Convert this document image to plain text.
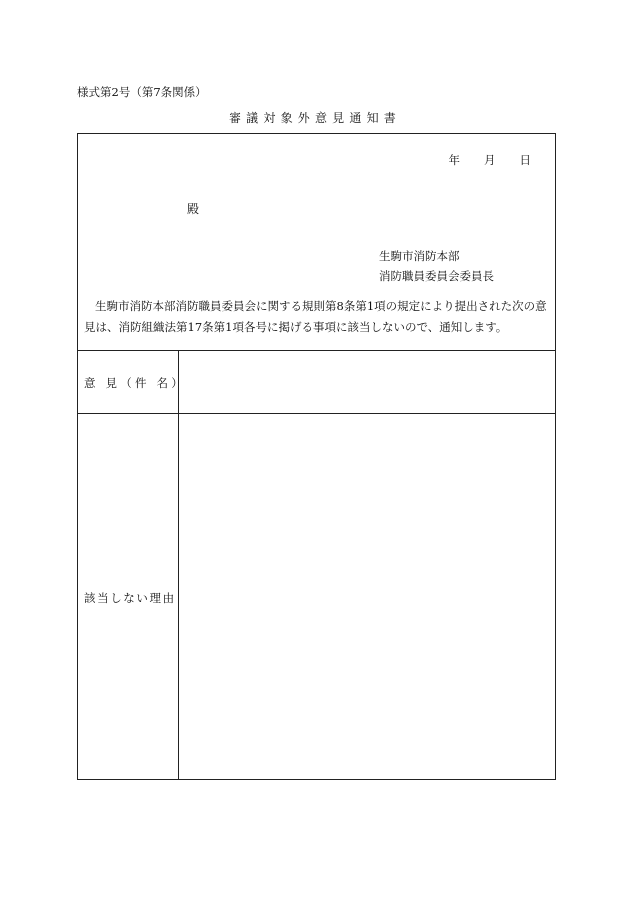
様式第2号（第7条関係）
審議対象外意見通知書
年 月 日
殿
生駒市消防本部
消防職員委員会委員長
生駒市消防本部消防職員委員会に関する規則第8条第1項の規定により提出された次の意見は、消防組織法第17条第1項各号に掲げる事項に該当しないので、通知します。
意 見（件 名）
該当しない理由
